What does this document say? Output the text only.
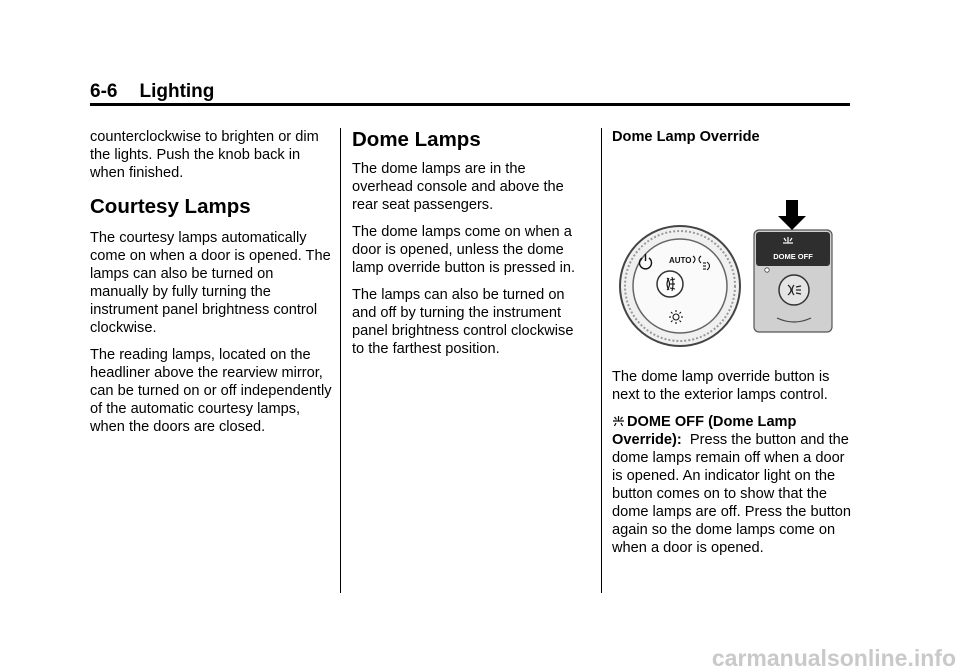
6-6 Lighting

counterclockwise to brighten or dim the lights. Push the knob back in when finished.

Courtesy Lamps

The courtesy lamps automatically come on when a door is opened. The lamps can also be turned on manually by fully turning the instrument panel brightness control clockwise.

The reading lamps, located on the headliner above the rearview mirror, can be turned on or off independently of the automatic courtesy lamps, when the doors are closed.

Dome Lamps

The dome lamps are in the overhead console and above the rear seat passengers.

The dome lamps come on when a door is opened, unless the dome lamp override button is pressed in.

The lamps can also be turned on and off by turning the instrument panel brightness control clockwise to the farthest position.

Dome Lamp Override

DOME OFF
AUTO

The dome lamp override button is next to the exterior lamps control.

DOME OFF (Dome Lamp Override): Press the button and the dome lamps remain off when a door is opened. An indicator light on the button comes on to show that the dome lamps are off. Press the button again so the dome lamps come on when a door is opened.

carmanualsonline.info
